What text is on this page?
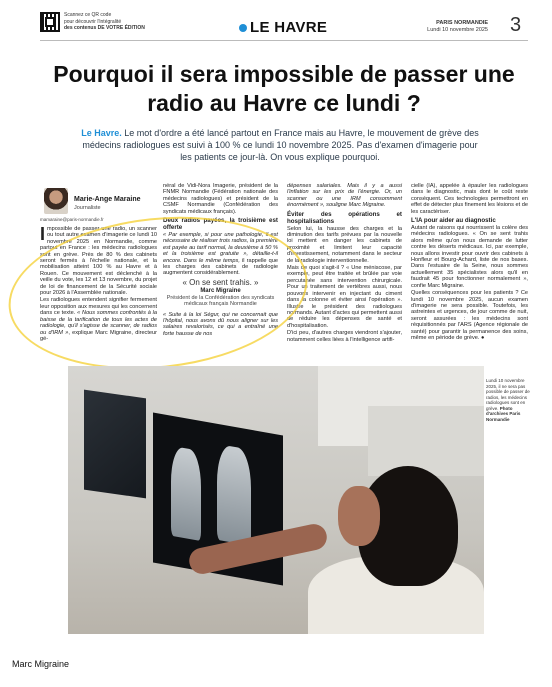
Scannez ce QR code
pour découvrir l'intégralité
des contenus DE VOTRE ÉDITION	LE HAVRE	PARIS NORMANDIE
Lundi 10 novembre 2025 3
Pourquoi il sera impossible de passer une radio au Havre ce lundi ?
Le Havre. Le mot d'ordre a été lancé partout en France mais au Havre, le mouvement de grève des médecins radiologues est suivi à 100 % ce lundi 10 novembre 2025. Pas d'examen d'imagerie pour les patients ce jour-là. On vous explique pourquoi.
Marie-Ange Maraine
Journaliste
mamaraine@paris-normandie.fr

Impossible de passer une radio, un scanner ou tout autre examen d'imagerie ce lundi 10 novembre 2025 en Normandie, comme partout en France : les médecins radiologues sont en grève. Près de 80 % des cabinets seront fermés à l'échelle nationale, et la mobilisation atteint 100 % au Havre et à Rouen. Ce mouvement est déclenché à la veille du vote, les 12 et 13 novembre, du projet de loi de financement de la Sécurité sociale pour 2026 à l'Assemblée nationale.

Les radiologues entendent signifier fermement leur opposition aux mesures qui les concernent dans ce texte. « Nous sommes confrontés à la baisse de la tarification de tous les actes de radiologie, qu'il s'agisse de scanner, de radios ou d'IRM », explique Marc Migraine, directeur gé-

néral de Vidi-Nora Imagerie, président de la FNMR Normandie (Fédération nationale des médecins radiologues) et président de la CSMF Normandie (Confédération des syndicats médicaux français).

Deux radios payées, la troisième est offerte

« Par exemple, si pour une pathologie, il est nécessaire de réaliser trois radios, la première est payée au tarif normal, la deuxième à 50 % et la troisième est gratuite », détaille-t-il encore. Dans le même temps, il rappelle que les charges des cabinets de radiologie augmentent considérablement.

« On se sent trahis. »
Marc Migraine
Président de la Confédération des syndicats médicaux français Normandie

« Suite à la loi Ségur, qui ne concernait que l'hôpital, nous avons dû nous aligner sur les salaires revalorisés, ce qui a entraîné une forte hausse de nos

dépenses salariales. Mais il y a aussi l'inflation sur les prix de l'énergie. Or, un scanner ou une IRM consomment énormément », souligne Marc Migraine.

Éviter des opérations et hospitalisations

Selon lui, la hausse des charges et la diminution des tarifs prévues par la nouvelle loi mettent en danger les cabinets de proximité et limitent leur capacité d'investissement, notamment dans le secteur de la radiologie interventionnelle.

Mais de quoi s'agit-il ? « Une méniscose, par exemple, peut être traitée et brûlée par voie percutanée sans intervention chirurgicale. Pour un traitement de vertébres aussi, nous pouvons intervenir en injectant du ciment dans la colonne et éviter ainsi l'opération ». Illustre le président des radiologues normands. Autant d'actes qui permettent aussi de réduire les dépenses de santé et d'hospitalisation.

D'ici peu, d'autres charges viendront s'ajouter, notamment celles liées à l'intelligence artifi-

cielle (IA), appelée à épauler les radiologues dans le diagnostic, mais dont le coût reste conséquent. Ces technologies permettront en effet de détecter plus finement les lésions et de les caractériser.

L'IA pour aider au diagnostic

Autant de raisons qui nourrissent la colère des médecins radiologues. « On se sent trahis alors même qu'on nous demande de lutter contre les déserts médicaux. Ici, par exemple, nous allons investir pour ouvrir des cabinets à Honfleur et Bourg-Achard, liste de nos bases. Dans l'estuaire de la Seine, nous sommes actuellement 35 spécialistes alors qu'il en faudrait 45 pour fonctionner normalement », confie Marc Migraine.

Quelles conséquences pour les patients ? Ce lundi 10 novembre 2025, aucun examen d'imagerie ne sera possible. Toutefois, les astreintes et urgences, de jour comme de nuit, seront assurées : les médecins sont réquisitionnés par l'ARS (Agence régionale de santé) pour garantir la permanence des soins, même en période de grève. ●

Lundi 10 novembre 2025, il ne sera pas possible de passer de radios, les médecins radiologues sont en grève. Photo d'archives Paris Normandie
Marc Migraine
